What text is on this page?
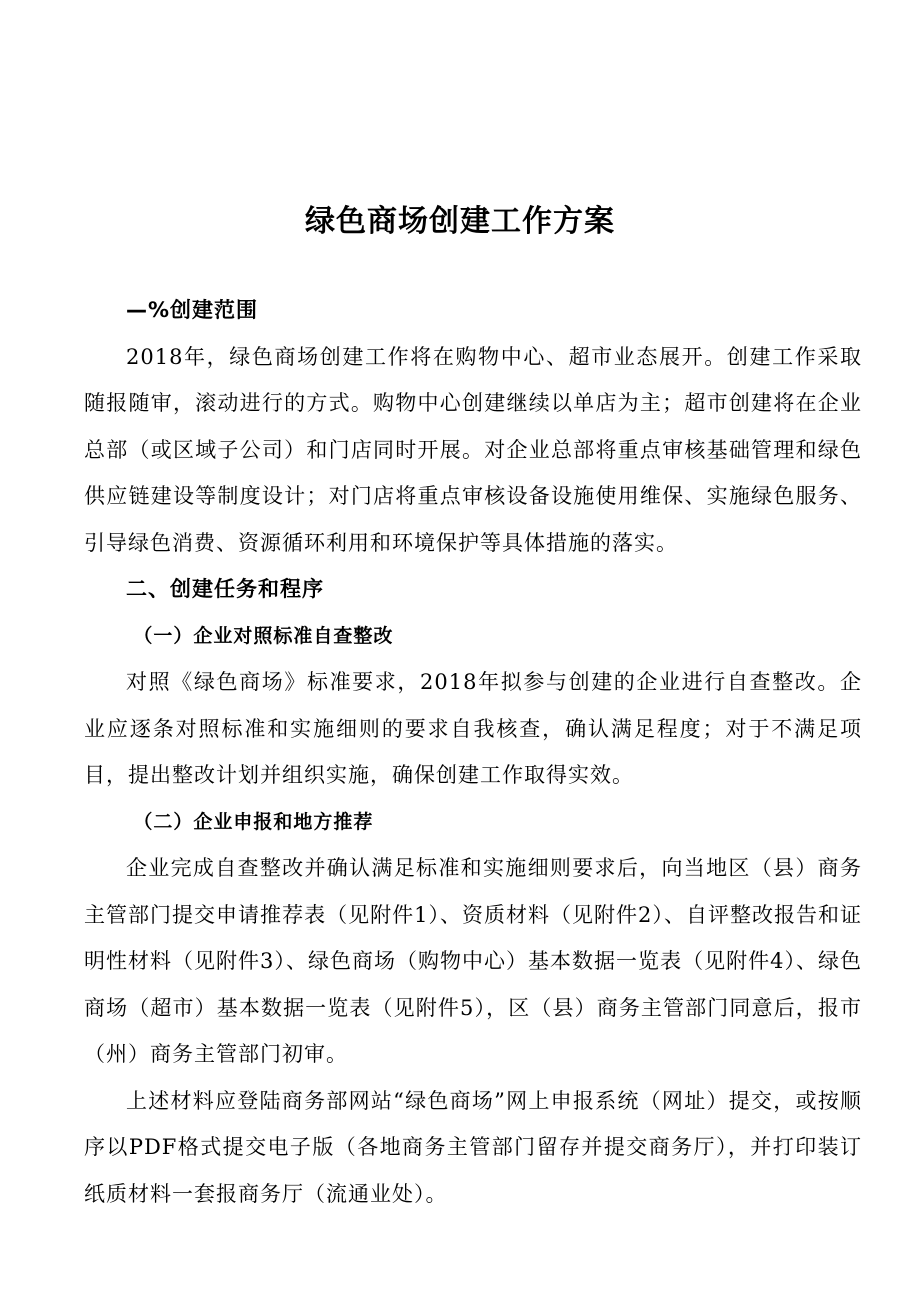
绿色商场创建工作方案

—%创建范围

2018年，绿色商场创建工作将在购物中心、超市业态展开。创建工作采取随报随审，滚动进行的方式。购物中心创建继续以单店为主；超市创建将在企业总部（或区域子公司）和门店同时开展。对企业总部将重点审核基础管理和绿色供应链建设等制度设计；对门店将重点审核设备设施使用维保、实施绿色服务、引导绿色消费、资源循环利用和环境保护等具体措施的落实。

二、创建任务和程序

（一）企业对照标准自查整改

对照《绿色商场》标准要求，2018年拟参与创建的企业进行自查整改。企业应逐条对照标准和实施细则的要求自我核查，确认满足程度；对于不满足项目，提出整改计划并组织实施，确保创建工作取得实效。

（二）企业申报和地方推荐

企业完成自查整改并确认满足标准和实施细则要求后，向当地区（县）商务主管部门提交申请推荐表（见附件1）、资质材料（见附件2）、自评整改报告和证明性材料（见附件3）、绿色商场（购物中心）基本数据一览表（见附件4）、绿色商场（超市）基本数据一览表（见附件5），区（县）商务主管部门同意后，报市（州）商务主管部门初审。

上述材料应登陆商务部网站“绿色商场”网上申报系统（网址）提交，或按顺序以PDF格式提交电子版（各地商务主管部门留存并提交商务厅），并打印装订纸质材料一套报商务厅（流通业处）。
